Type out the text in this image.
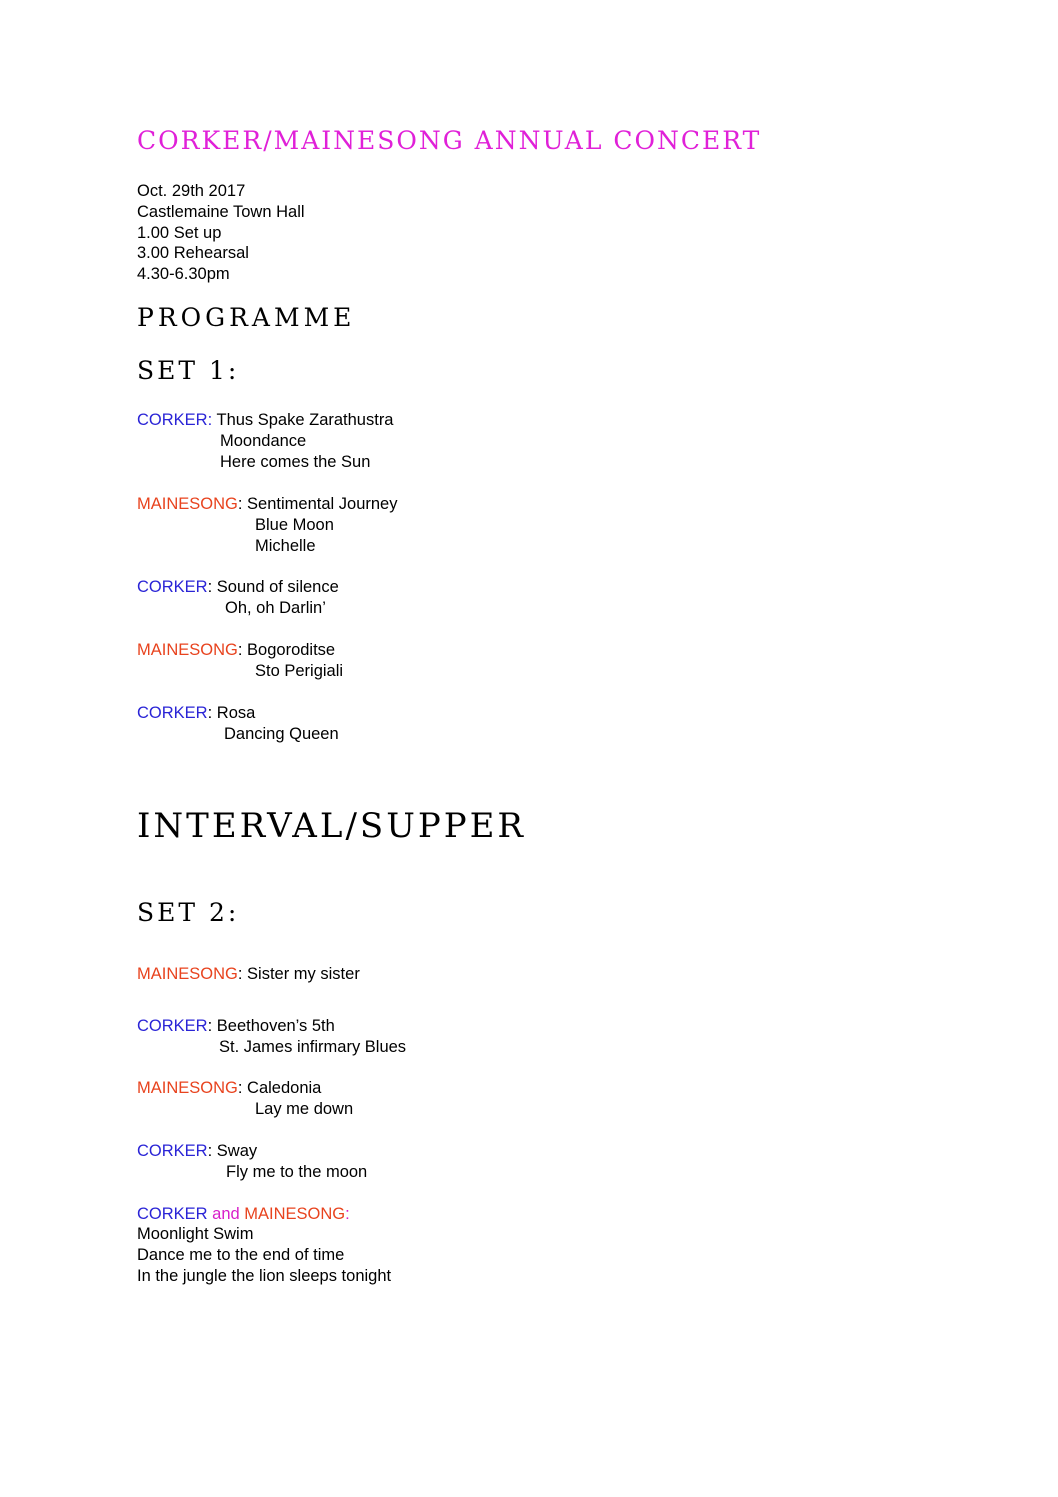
CORKER/MAINESONG ANNUAL CONCERT
Oct. 29th 2017
Castlemaine Town Hall
1.00 Set up
3.00 Rehearsal
4.30-6.30pm
PROGRAMME
SET 1:
CORKER: Thus Spake Zarathustra
Moondance
Here comes the Sun
MAINESONG: Sentimental Journey
Blue Moon
Michelle
CORKER: Sound of silence
Oh, oh Darlin’
MAINESONG: Bogoroditse
Sto Perigiali
CORKER: Rosa
Dancing Queen
INTERVAL/SUPPER
SET 2:
MAINESONG: Sister my sister
CORKER: Beethoven’s 5th
St. James infirmary Blues
MAINESONG: Caledonia
Lay me down
CORKER: Sway
Fly me to the moon
CORKER and MAINESONG:
Moonlight Swim
Dance me to the end of time
In the jungle the lion sleeps tonight
